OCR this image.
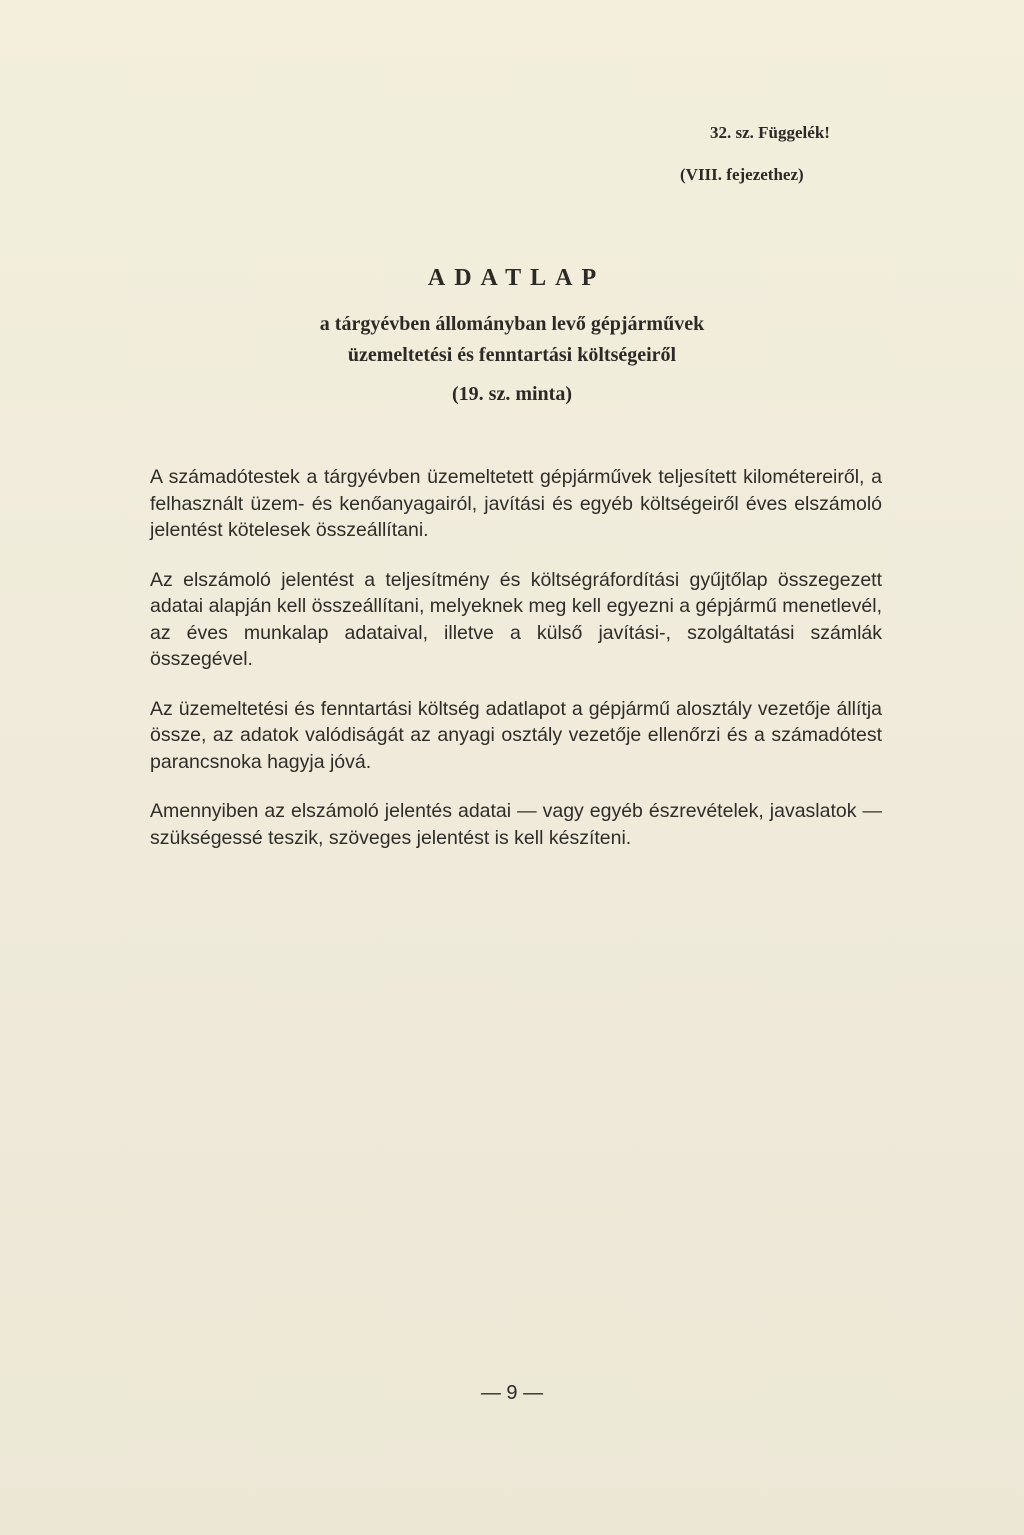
32. sz. Függelék!
(VIII. fejezethez)
ADATLAP
a tárgyévben állományban levő gépjárművek
üzemeltetési és fenntartási költségeiről
(19. sz. minta)

A számadótestek a tárgyévben üzemeltetett gépjárművek teljesített kilométereiről, a felhasznált üzem- és kenőanyagairól, javítási és egyéb költségeiről éves elszámoló jelentést kötelesek összeállítani.

Az elszámoló jelentést a teljesítmény és költségráfordítási gyűjtőlap összegezett adatai alapján kell összeállítani, melyeknek meg kell egyezni a gépjármű menetlevél, az éves munkalap adataival, illetve a külső javítási-, szolgáltatási számlák összegével.

Az üzemeltetési és fenntartási költség adatlapot a gépjármű alosztály vezetője állítja össze, az adatok valódiságát az anyagi osztály vezetője ellenőrzi és a számadótest parancsnoka hagyja jóvá.

Amennyiben az elszámoló jelentés adatai — vagy egyéb észrevételek, javaslatok — szükségessé teszik, szöveges jelentést is kell készíteni.

— 9 —
